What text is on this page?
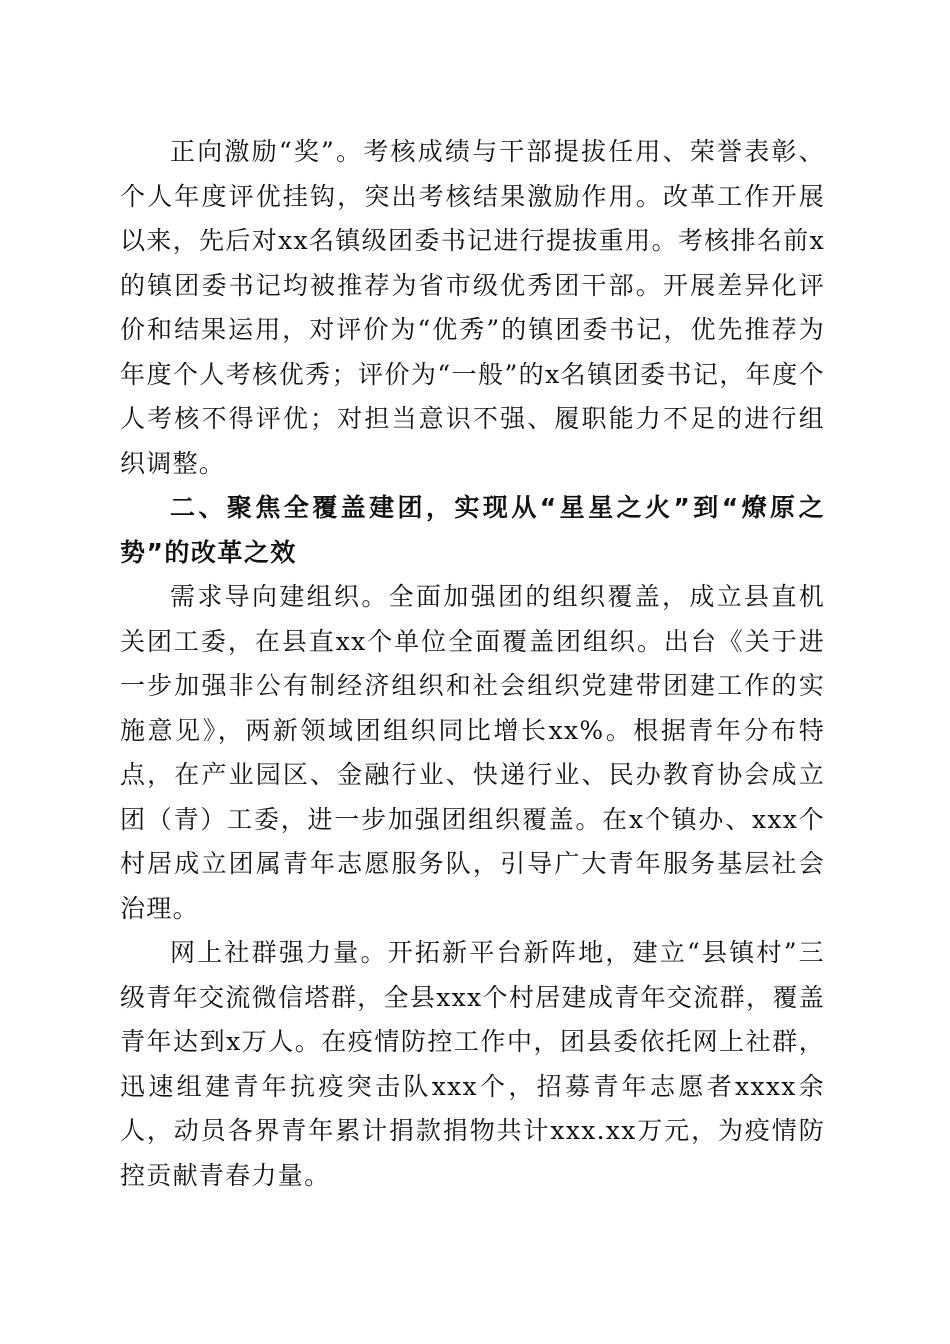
正向激励“奖”。考核成绩与干部提拔任用、荣誉表彰、个人年度评优挂钩，突出考核结果激励作用。改革工作开展以来，先后对xx名镇级团委书记进行提拔重用。考核排名前x的镇团委书记均被推荐为省市级优秀团干部。开展差异化评价和结果运用，对评价为“优秀”的镇团委书记，优先推荐为年度个人考核优秀；评价为“一般”的x名镇团委书记，年度个人考核不得评优；对担当意识不强、履职能力不足的进行组织调整。

二、聚焦全覆盖建团，实现从“星星之火”到“燎原之势”的改革之效

需求导向建组织。全面加强团的组织覆盖，成立县直机关团工委，在县直xx个单位全面覆盖团组织。出台《关于进一步加强非公有制经济组织和社会组织党建带团建工作的实施意见》，两新领域团组织同比增长xx%。根据青年分布特点，在产业园区、金融行业、快递行业、民办教育协会成立团（青）工委，进一步加强团组织覆盖。在x个镇办、xxx个村居成立团属青年志愿服务队，引导广大青年服务基层社会治理。

网上社群强力量。开拓新平台新阵地，建立“县镇村”三级青年交流微信塔群，全县xxx个村居建成青年交流群，覆盖青年达到x万人。在疫情防控工作中，团县委依托网上社群，迅速组建青年抗疫突击队xxx个，招募青年志愿者xxxx余人，动员各界青年累计捐款捐物共计xxx.xx万元，为疫情防控贡献青春力量。
